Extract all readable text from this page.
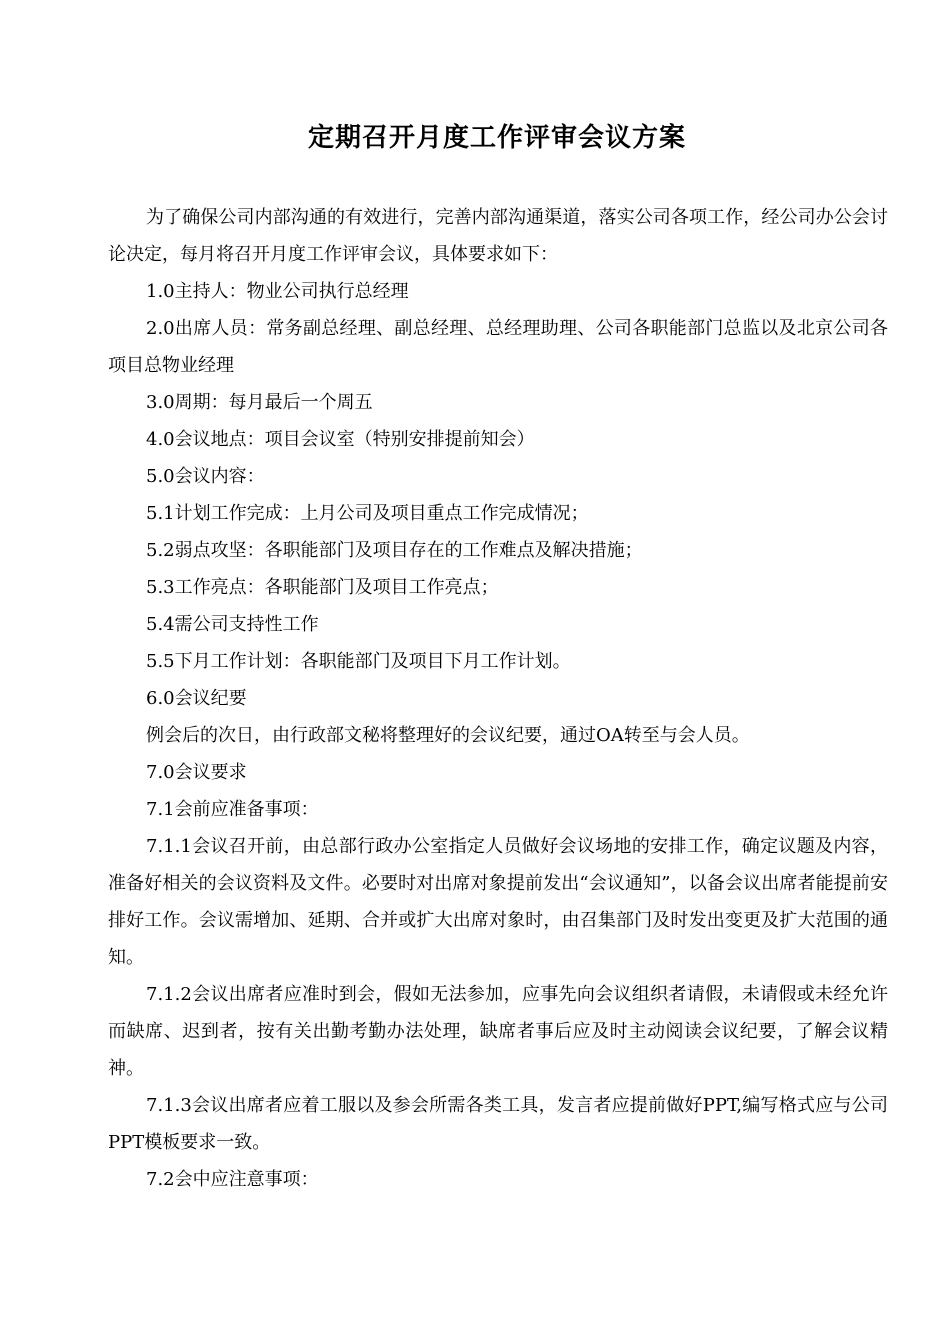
定期召开月度工作评审会议方案

为了确保公司内部沟通的有效进行，完善内部沟通渠道，落实公司各项工作，经公司办公会讨论决定，每月将召开月度工作评审会议，具体要求如下：

1.0主持人：物业公司执行总经理

2.0出席人员：常务副总经理、副总经理、总经理助理、公司各职能部门总监以及北京公司各项目总物业经理

3.0周期：每月最后一个周五

4.0会议地点：项目会议室（特别安排提前知会）

5.0会议内容：

5.1计划工作完成：上月公司及项目重点工作完成情况；

5.2弱点攻坚：各职能部门及项目存在的工作难点及解决措施；

5.3工作亮点：各职能部门及项目工作亮点；

5.4需公司支持性工作

5.5下月工作计划：各职能部门及项目下月工作计划。

6.0会议纪要

例会后的次日，由行政部文秘将整理好的会议纪要，通过OA转至与会人员。

7.0会议要求

7.1会前应准备事项：

7.1.1会议召开前，由总部行政办公室指定人员做好会议场地的安排工作，确定议题及内容，准备好相关的会议资料及文件。必要时对出席对象提前发出“会议通知”，以备会议出席者能提前安排好工作。会议需增加、延期、合并或扩大出席对象时，由召集部门及时发出变更及扩大范围的通知。

7.1.2会议出席者应准时到会，假如无法参加，应事先向会议组织者请假，未请假或未经允许而缺席、迟到者，按有关出勤考勤办法处理，缺席者事后应及时主动阅读会议纪要，了解会议精神。

7.1.3会议出席者应着工服以及参会所需各类工具，发言者应提前做好PPT,编写格式应与公司PPT模板要求一致。

7.2会中应注意事项：
